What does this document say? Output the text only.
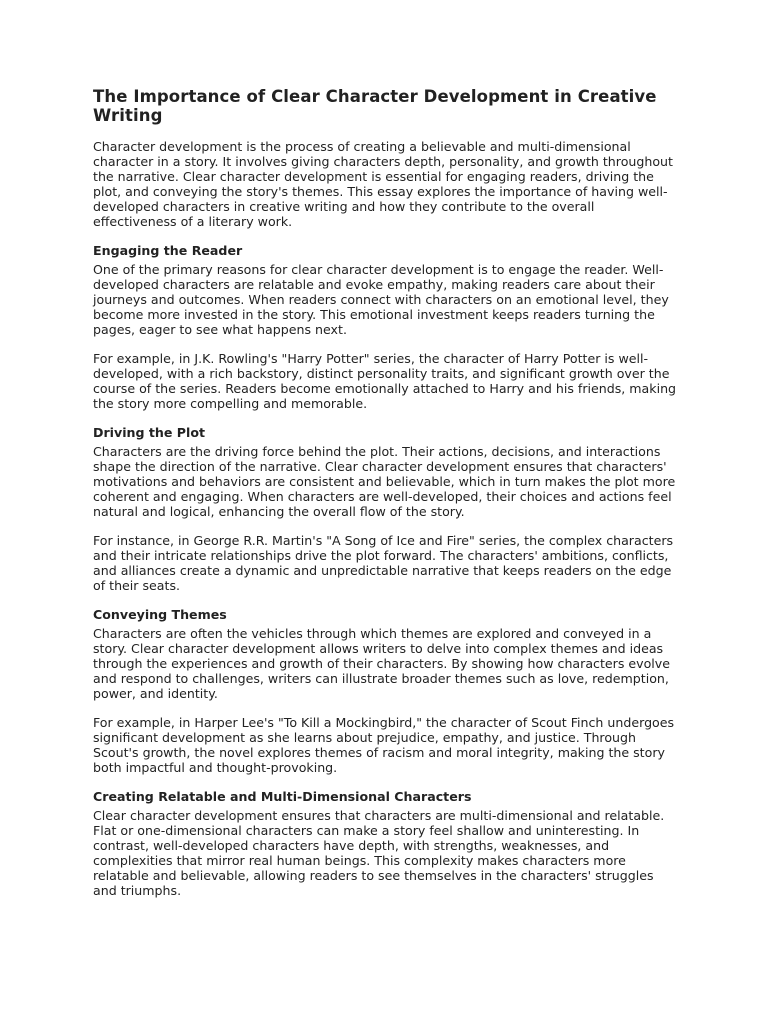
The Importance of Clear Character Development in Creative Writing

Character development is the process of creating a believable and multi-dimensional character in a story. It involves giving characters depth, personality, and growth throughout the narrative. Clear character development is essential for engaging readers, driving the plot, and conveying the story's themes. This essay explores the importance of having well-developed characters in creative writing and how they contribute to the overall effectiveness of a literary work.

Engaging the Reader

One of the primary reasons for clear character development is to engage the reader. Well-developed characters are relatable and evoke empathy, making readers care about their journeys and outcomes. When readers connect with characters on an emotional level, they become more invested in the story. This emotional investment keeps readers turning the pages, eager to see what happens next.

For example, in J.K. Rowling's "Harry Potter" series, the character of Harry Potter is well-developed, with a rich backstory, distinct personality traits, and significant growth over the course of the series. Readers become emotionally attached to Harry and his friends, making the story more compelling and memorable.

Driving the Plot

Characters are the driving force behind the plot. Their actions, decisions, and interactions shape the direction of the narrative. Clear character development ensures that characters' motivations and behaviors are consistent and believable, which in turn makes the plot more coherent and engaging. When characters are well-developed, their choices and actions feel natural and logical, enhancing the overall flow of the story.

For instance, in George R.R. Martin's "A Song of Ice and Fire" series, the complex characters and their intricate relationships drive the plot forward. The characters' ambitions, conflicts, and alliances create a dynamic and unpredictable narrative that keeps readers on the edge of their seats.

Conveying Themes

Characters are often the vehicles through which themes are explored and conveyed in a story. Clear character development allows writers to delve into complex themes and ideas through the experiences and growth of their characters. By showing how characters evolve and respond to challenges, writers can illustrate broader themes such as love, redemption, power, and identity.

For example, in Harper Lee's "To Kill a Mockingbird," the character of Scout Finch undergoes significant development as she learns about prejudice, empathy, and justice. Through Scout's growth, the novel explores themes of racism and moral integrity, making the story both impactful and thought-provoking.

Creating Relatable and Multi-Dimensional Characters

Clear character development ensures that characters are multi-dimensional and relatable. Flat or one-dimensional characters can make a story feel shallow and uninteresting. In contrast, well-developed characters have depth, with strengths, weaknesses, and complexities that mirror real human beings. This complexity makes characters more relatable and believable, allowing readers to see themselves in the characters' struggles and triumphs.
